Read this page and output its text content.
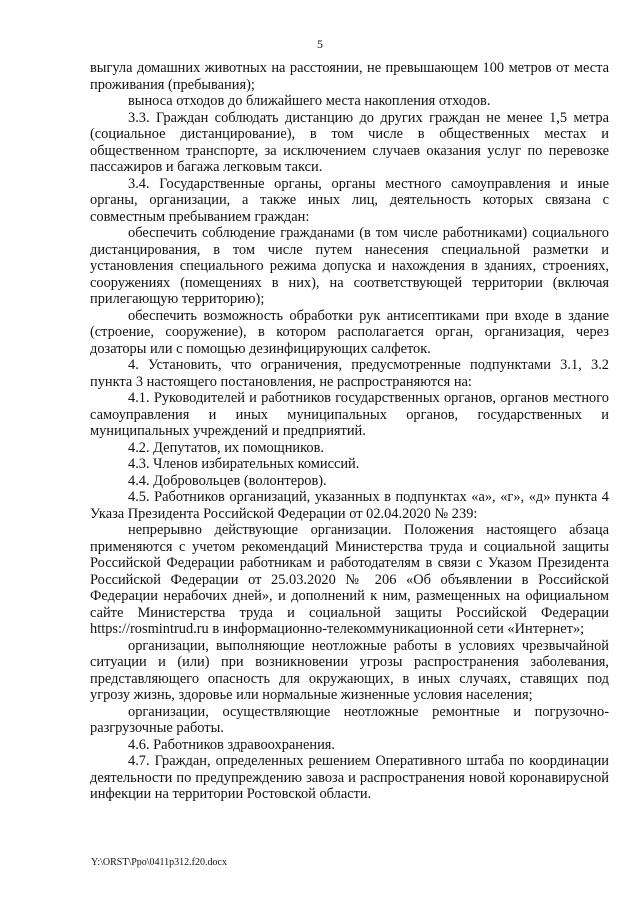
5

выгула домашних животных на расстоянии, не превышающем 100 метров от места проживания (пребывания);

выноса отходов до ближайшего места накопления отходов.

3.3. Граждан соблюдать дистанцию до других граждан не менее 1,5 метра (социальное дистанцирование), в том числе в общественных местах и общественном транспорте, за исключением случаев оказания услуг по перевозке пассажиров и багажа легковым такси.

3.4. Государственные органы, органы местного самоуправления и иные органы, организации, а также иных лиц, деятельность которых связана с совместным пребыванием граждан:

обеспечить соблюдение гражданами (в том числе работниками) социального дистанцирования, в том числе путем нанесения специальной разметки и установления специального режима допуска и нахождения в зданиях, строениях, сооружениях (помещениях в них), на соответствующей территории (включая прилегающую территорию);

обеспечить возможность обработки рук антисептиками при входе в здание (строение, сооружение), в котором располагается орган, организация, через дозаторы или с помощью дезинфицирующих салфеток.

4. Установить, что ограничения, предусмотренные подпунктами 3.1, 3.2 пункта 3 настоящего постановления, не распространяются на:

4.1. Руководителей и работников государственных органов, органов местного самоуправления и иных муниципальных органов, государственных и муниципальных учреждений и предприятий.

4.2. Депутатов, их помощников.

4.3. Членов избирательных комиссий.

4.4. Добровольцев (волонтеров).

4.5. Работников организаций, указанных в подпунктах «а», «г», «д» пункта 4 Указа Президента Российской Федерации от 02.04.2020 № 239:

непрерывно действующие организации. Положения настоящего абзаца применяются с учетом рекомендаций Министерства труда и социальной защиты Российской Федерации работникам и работодателям в связи с Указом Президента Российской Федерации от 25.03.2020 № 206 «Об объявлении в Российской Федерации нерабочих дней», и дополнений к ним, размещенных на официальном сайте Министерства труда и социальной защиты Российской Федерации https://rosmintrud.ru в информационно-телекоммуникационной сети «Интернет»;

организации, выполняющие неотложные работы в условиях чрезвычайной ситуации и (или) при возникновении угрозы распространения заболевания, представляющего опасность для окружающих, в иных случаях, ставящих под угрозу жизнь, здоровье или нормальные жизненные условия населения;

организации, осуществляющие неотложные ремонтные и погрузочно-разгрузочные работы.

4.6. Работников здравоохранения.

4.7. Граждан, определенных решением Оперативного штаба по координации деятельности по предупреждению завоза и распространения новой коронавирусной инфекции на территории Ростовской области.

Y:\ORST\Ppo\0411p312.f20.docx
